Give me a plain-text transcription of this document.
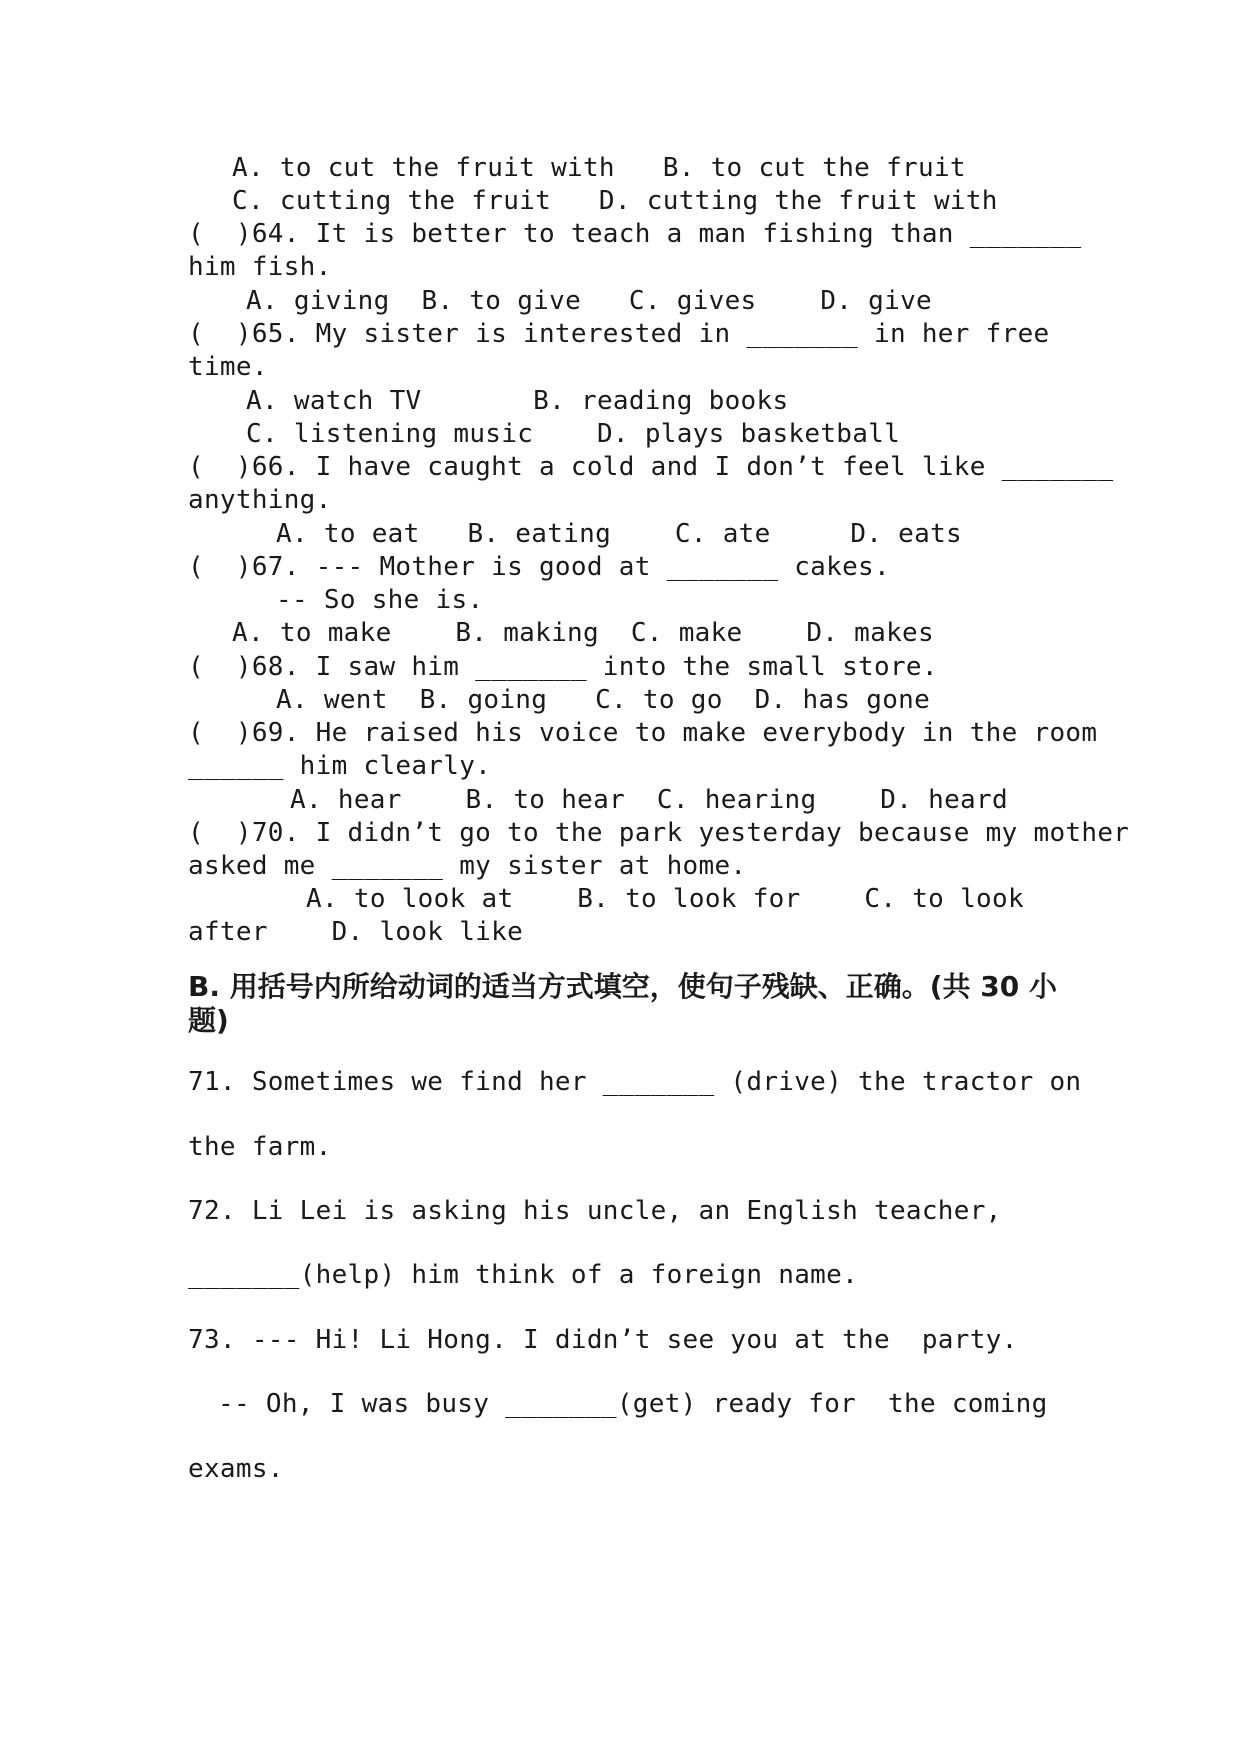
A. to cut the fruit with   B. to cut the fruit
C. cutting the fruit   D. cutting the fruit with
(  )64. It is better to teach a man fishing than _______
him fish.
A. giving  B. to give   C. gives    D. give
(  )65. My sister is interested in _______ in her free
time.
A. watch TV       B. reading books
C. listening music    D. plays basketball
(  )66. I have caught a cold and I don’t feel like _______
anything.
A. to eat   B. eating    C. ate     D. eats
(  )67. --- Mother is good at _______ cakes.
-- So she is.
A. to make    B. making  C. make    D. makes
(  )68. I saw him _______ into the small store.
A. went  B. going   C. to go  D. has gone
(  )69. He raised his voice to make everybody in the room
______ him clearly.
A. hear    B. to hear  C. hearing    D. heard
(  )70. I didn’t go to the park yesterday because my mother
asked me _______ my sister at home.
A. to look at    B. to look for    C. to look
after    D. look like
B. 用括号内所给动词的适当方式填空，使句子残缺、正确。(共 30 小题)
71. Sometimes we find her _______ (drive) the tractor on
the farm.
72. Li Lei is asking his uncle, an English teacher,
_______(help) him think of a foreign name.
73. --- Hi! Li Hong. I didn’t see you at the  party.
-- Oh, I was busy _______(get) ready for  the coming
exams.
